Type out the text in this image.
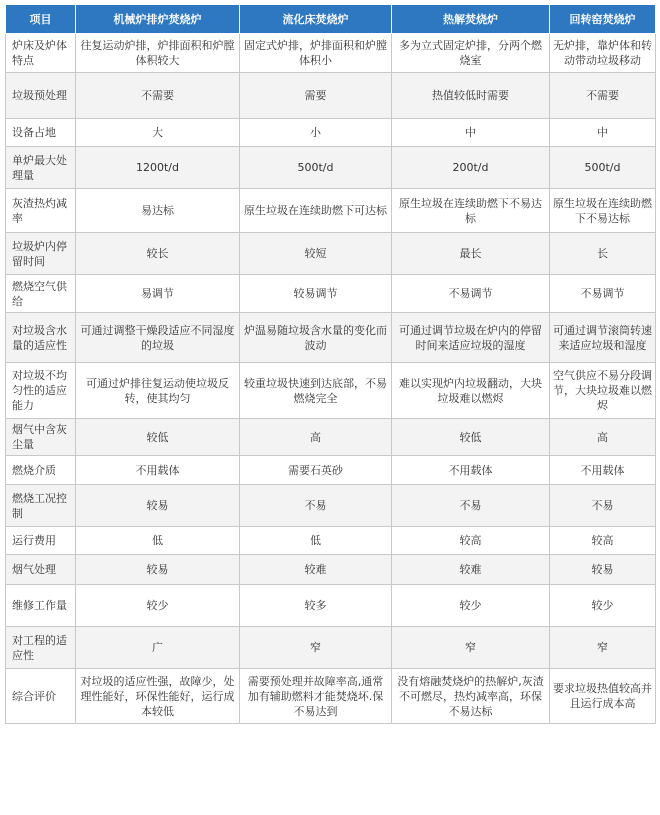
项目	机械炉排炉焚烧炉	流化床焚烧炉	热解焚烧炉	回转窑焚烧炉
炉床及炉体特点	往复运动炉排，炉排面积和炉膛体积较大	固定式炉排，炉排面积和炉膛体积小	多为立式固定炉排，分两个燃烧室	无炉排，靠炉体和转动带动垃圾移动
垃圾预处理	不需要	需要	热值较低时需要	不需要
设备占地	大	小	中	中
单炉最大处理量	1200t/d	500t/d	200t/d	500t/d
灰渣热灼减率	易达标	原生垃圾在连续助燃下可达标	原生垃圾在连续助燃下不易达标	原生垃圾在连续助燃下不易达标
垃圾炉内停留时间	较长	较短	最长	长
燃烧空气供给	易调节	较易调节	不易调节	不易调节
对垃圾含水量的适应性	可通过调整干燥段适应不同湿度的垃圾	炉温易随垃圾含水量的变化而波动	可通过调节垃圾在炉内的停留时间来适应垃圾的湿度	可通过调节滚筒转速来适应垃圾和湿度
对垃圾不均匀性的适应能力	可通过炉排往复运动使垃圾反转，使其均匀	较重垃圾快速到达底部，不易燃烧完全	难以实现炉内垃圾翻动，大块垃圾难以燃烬	空气供应不易分段调节，大块垃圾难以燃烬
烟气中含灰尘量	较低	高	较低	高
燃烧介质	不用载体	需要石英砂	不用载体	不用载体
燃烧工况控制	较易	不易	不易	不易
运行费用	低	低	较高	较高
烟气处理	较易	较难	较难	较易
维修工作量	较少	较多	较少	较少
对工程的适应性	广	窄	窄	窄
综合评价	对垃圾的适应性强，故障少，处理性能好，环保性能好，运行成本较低	需要预处理并故障率高,通常加有辅助燃料才能焚烧坏.保不易达到	没有熔融焚烧炉的热解炉,灰渣不可燃尽，热灼减率高，环保不易达标	要求垃圾热值较高并且运行成本高
